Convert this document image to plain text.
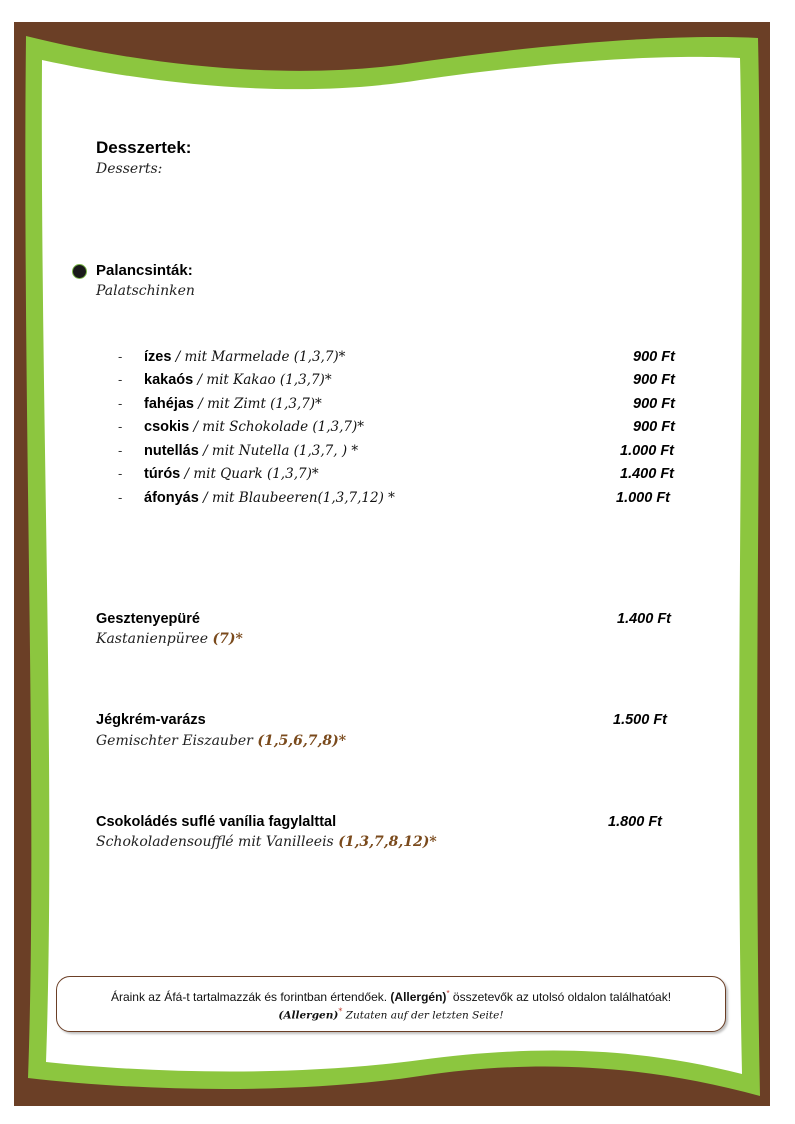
Desszertek:
Desserts:
Palancsinták:
Palatschinken
- ízes / mit Marmelade (1,3,7)*	900 Ft
- kakaós / mit Kakao (1,3,7)*	900 Ft
- fahéjas / mit Zimt (1,3,7)*	900 Ft
- csokis / mit Schokolade (1,3,7)*	900 Ft
- nutellás / mit Nutella (1,3,7, ) *	1.000 Ft
- túrós / mit Quark (1,3,7)*	1.400 Ft
- áfonyás / mit Blaubeeren(1,3,7,12) *	1.000 Ft
Gesztenyepüré	1.400 Ft
Kastanienpüree (7)*
Jégkrém-varázs	1.500 Ft
Gemischter Eiszauber (1,5,6,7,8)*
Csokoládés suflé vanília fagylalttal	1.800 Ft
Schokoladensoufflé mit Vanilleeis (1,3,7,8,12)*
Áraink az Áfá-t tartalmazzák és forintban értendőek. (Allergén)* összetevők az utolsó oldalon találhatóak!
(Allergen)* Zutaten auf der letzten Seite!
